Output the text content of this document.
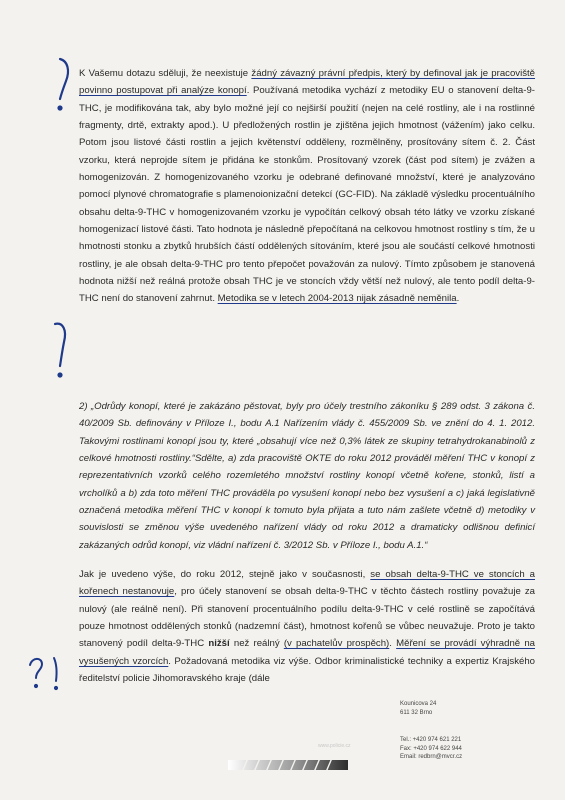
K Vašemu dotazu sděluji, že neexistuje žádný závazný právní předpis, který by definoval jak je pracoviště povinno postupovat při analýze konopí. Používaná metodika vychází z metodiky EU o stanovení delta-9-THC, je modifikována tak, aby bylo možné její co nejširší použití (nejen na celé rostliny, ale i na rostlinné fragmenty, drtě, extrakty apod.). U předložených rostlin je zjištěna jejich hmotnost (vážením) jako celku. Potom jsou listové části rostlin a jejich květenství odděleny, rozmělněny, prosítovány sítem č. 2. Část vzorku, která neprojde sítem je přidána ke stonkům. Prosítovaný vzorek (část pod sítem) je zvážen a homogenizován. Z homogenizovaného vzorku je odebrané definované množství, které je analyzováno pomocí plynové chromatografie s plamenoionizační detekcí (GC-FID). Na základě výsledku procentuálního obsahu delta-9-THC v homogenizovaném vzorku je vypočítán celkový obsah této látky ve vzorku získané homogenizací listové části. Tato hodnota je následně přepočítaná na celkovou hmotnost rostliny s tím, že u hmotnosti stonku a zbytků hrubších částí oddělených sítováním, které jsou ale součástí celkové hmotnosti rostliny, je ale obsah delta-9-THC pro tento přepočet považován za nulový. Tímto způsobem je stanovená hodnota nižší než reálná protože obsah THC je ve stoncích vždy větší než nulový, ale tento podíl delta-9-THC není do stanovení zahrnut. Metodika se v letech 2004-2013 nijak zásadně neměnila.
2) „Odrůdy konopí, které je zakázáno pěstovat, byly pro účely trestního zákoníku § 289 odst. 3 zákona č. 40/2009 Sb. definovány v Příloze I., bodu A.1 Nařízením vlády č. 455/2009 Sb. ve znění do 4. 1. 2012. Takovými rostlinami konopí jsou ty, které „obsahují více než 0,3% látek ze skupiny tetrahydrokanabinolů z celkové hmotnosti rostliny.“Sdělte, a) zda pracoviště OKTE do roku 2012 prováděl měření THC v konopí z reprezentativních vzorků celého rozemletého množství rostliny konopí včetně kořene, stonků, listí a vrcholíků a b) zda toto měření THC prováděla po vysušení konopí nebo bez vysušení a c) jaká legislativně označená metodika měření THC v konopí k tomuto byla přijata a tuto nám zašlete včetně d) metodiky v souvislosti se změnou výše uvedeného nařízení vlády od roku 2012 a dramaticky odlišnou definicí zakázaných odrůd konopí, viz vládní nařízení č. 3/2012 Sb. v Příloze I., bodu A.1.“
Jak je uvedeno výše, do roku 2012, stejně jako v současnosti, se obsah delta-9-THC ve stoncích a kořenech nestanovuje, pro účely stanovení se obsah delta-9-THC v těchto částech rostliny považuje za nulový (ale reálně není). Při stanovení procentuálního podílu delta-9-THC v celé rostlině se započítává pouze hmotnost oddělených stonků (nadzemní část), hmotnost kořenů se vůbec neuvažuje. Proto je takto stanovený podíl delta-9-THC nižší než reálný (v pachatelův prospěch). Měření se provádí výhradně na vysušených vzorcích. Požadovaná metodika viz výše. Odbor kriminalistické techniky a expertiz Krajského ředitelství policie Jihomoravského kraje (dále
Kounicova 24
611 32 Brno
Tel.: +420 974 621 221
Fax: +420 974 622 944
Email: redbrn@mvcr.cz
www.policie.cz
